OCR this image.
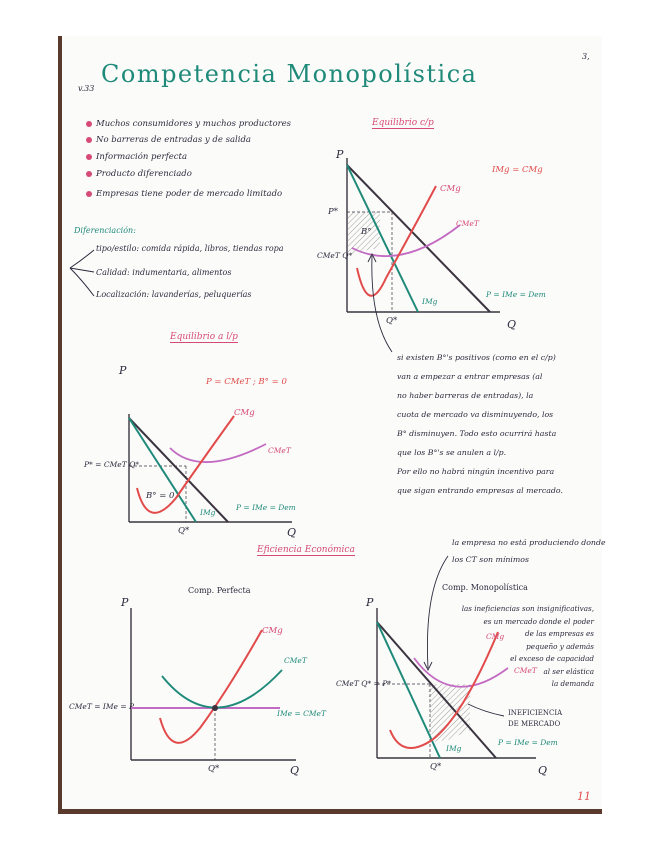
v.33
Competencia Monopolística
3,
Muchos consumidores y muchos productores
No barreras de entradas y de salida
Información perfecta
Producto diferenciado
Empresas tiene poder de mercado limitado
Diferenciación:
tipo/estilo: comida rápida, libros, tiendas ropa
Calidad: indumentaria, alimentos
Localización: lavanderías, peluquerías
Equilibrio c/p
IMg = CMg
P
Q
P*
CMeT Q*
Q*
B°
CMg
CMeT
IMg
P = IMe = Dem
si existen B°'s positivos (como en el c/p)
van a empezar a entrar empresas (al
no haber barreras de entradas), la
cuota de mercado va disminuyendo, los
B° disminuyen. Todo esto ocurrirá hasta
que los B°'s se anulen a l/p.
Por ello no habrá ningún incentivo para
que sigan entrando empresas al mercado.
Equilibrio a l/p
P = CMeT ; B° = 0
P
Q
P* = CMeT Q*
Q*
B° = 0
CMg
CMeT
IMg
P = IMe = Dem
Eficiencia Económica
la empresa no está produciendo donde
los CT son mínimos
Comp. Perfecta
P
Q
CMeT = IMe = P
IMe = CMeT
CMg
CMeT
Q*
Comp. Monopolística
P
Q
CMeT Q* = P*
IMg
P = IMe = Dem
Q*
INEFICIENCIA DE MERCADO
CMg
CMeT
las ineficiencias son insignificativas,
es un mercado donde el poder
de las empresas es
pequeño y además
el exceso de capacidad
al ser elástica
la demanda
11
